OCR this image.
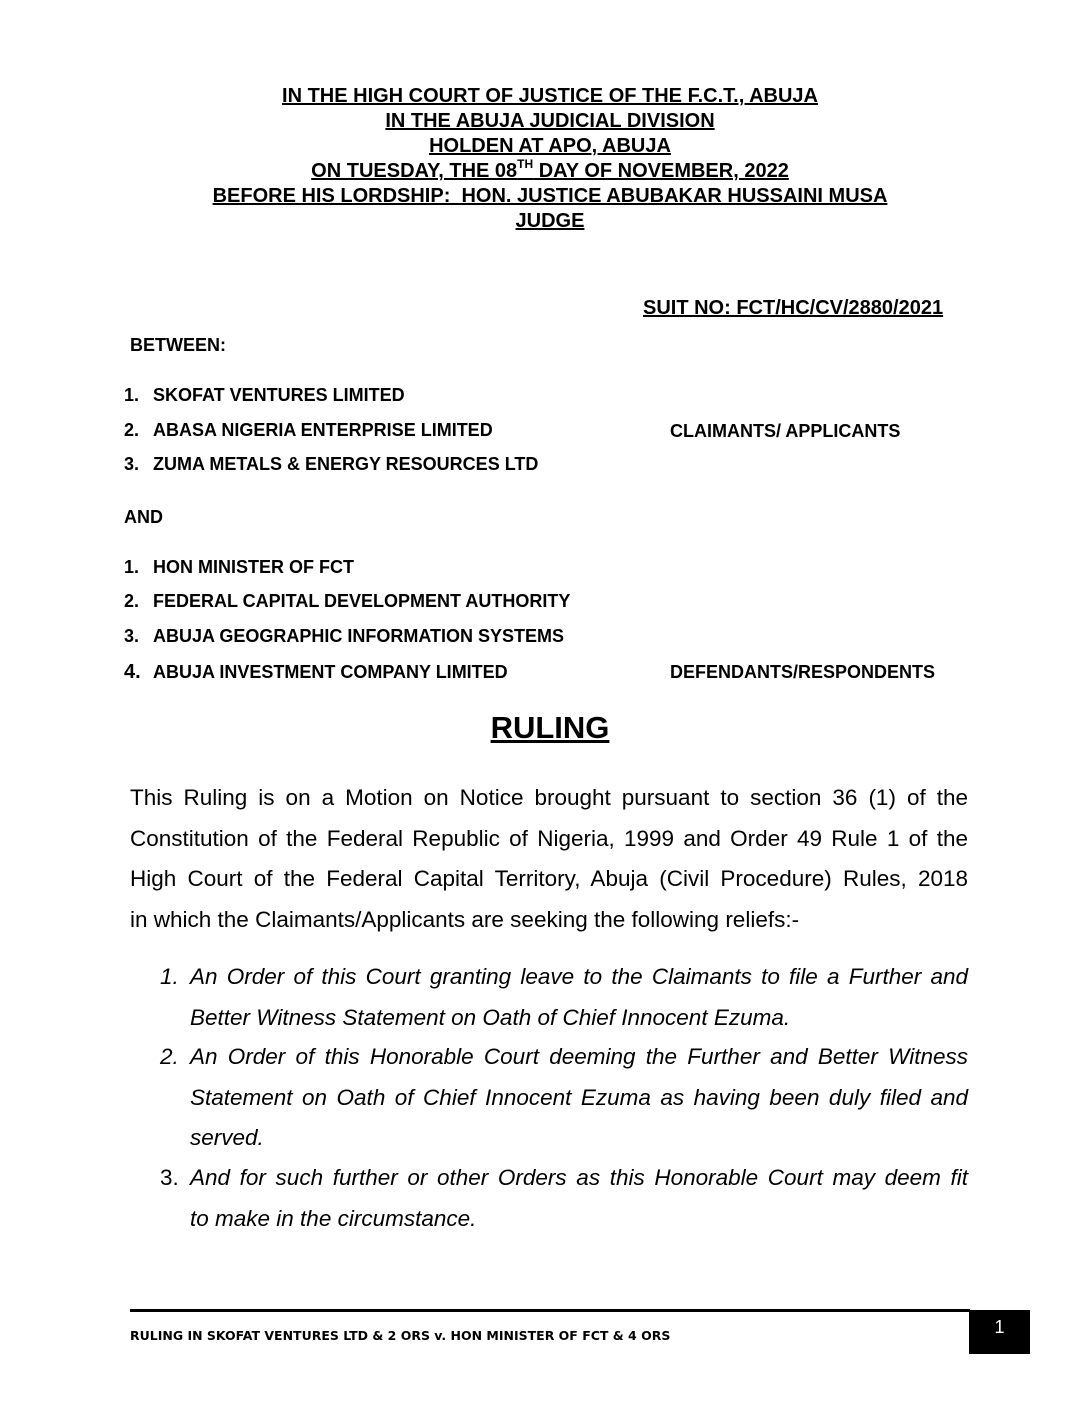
IN THE HIGH COURT OF JUSTICE OF THE F.C.T., ABUJA
IN THE ABUJA JUDICIAL DIVISION
HOLDEN AT APO, ABUJA
ON TUESDAY, THE 08TH DAY OF NOVEMBER, 2022
BEFORE HIS LORDSHIP:  HON. JUSTICE ABUBAKAR HUSSAINI MUSA
JUDGE
SUIT NO: FCT/HC/CV/2880/2021
BETWEEN:
1. SKOFAT VENTURES LIMITED
2. ABASA NIGERIA ENTERPRISE LIMITED
3. ZUMA METALS & ENERGY RESOURCES LTD
CLAIMANTS/ APPLICANTS
AND
1. HON MINISTER OF FCT
2. FEDERAL CAPITAL DEVELOPMENT AUTHORITY
3. ABUJA GEOGRAPHIC INFORMATION SYSTEMS
4. ABUJA INVESTMENT COMPANY LIMITED	DEFENDANTS/RESPONDENTS
RULING
This Ruling is on a Motion on Notice brought pursuant to section 36 (1) of the
Constitution of the Federal Republic of Nigeria, 1999 and Order 49 Rule 1 of the
High Court of the Federal Capital Territory, Abuja (Civil Procedure) Rules, 2018
in which the Claimants/Applicants are seeking the following reliefs:-
1. An Order of this Court granting leave to the Claimants to file a Further and
Better Witness Statement on Oath of Chief Innocent Ezuma.
2. An Order of this Honorable Court deeming the Further and Better Witness
Statement on Oath of Chief Innocent Ezuma as having been duly filed and
served.
3. And for such further or other Orders as this Honorable Court may deem fit
to make in the circumstance.
RULING IN SKOFAT VENTURES LTD & 2 ORS v. HON MINISTER OF FCT & 4 ORS	1
